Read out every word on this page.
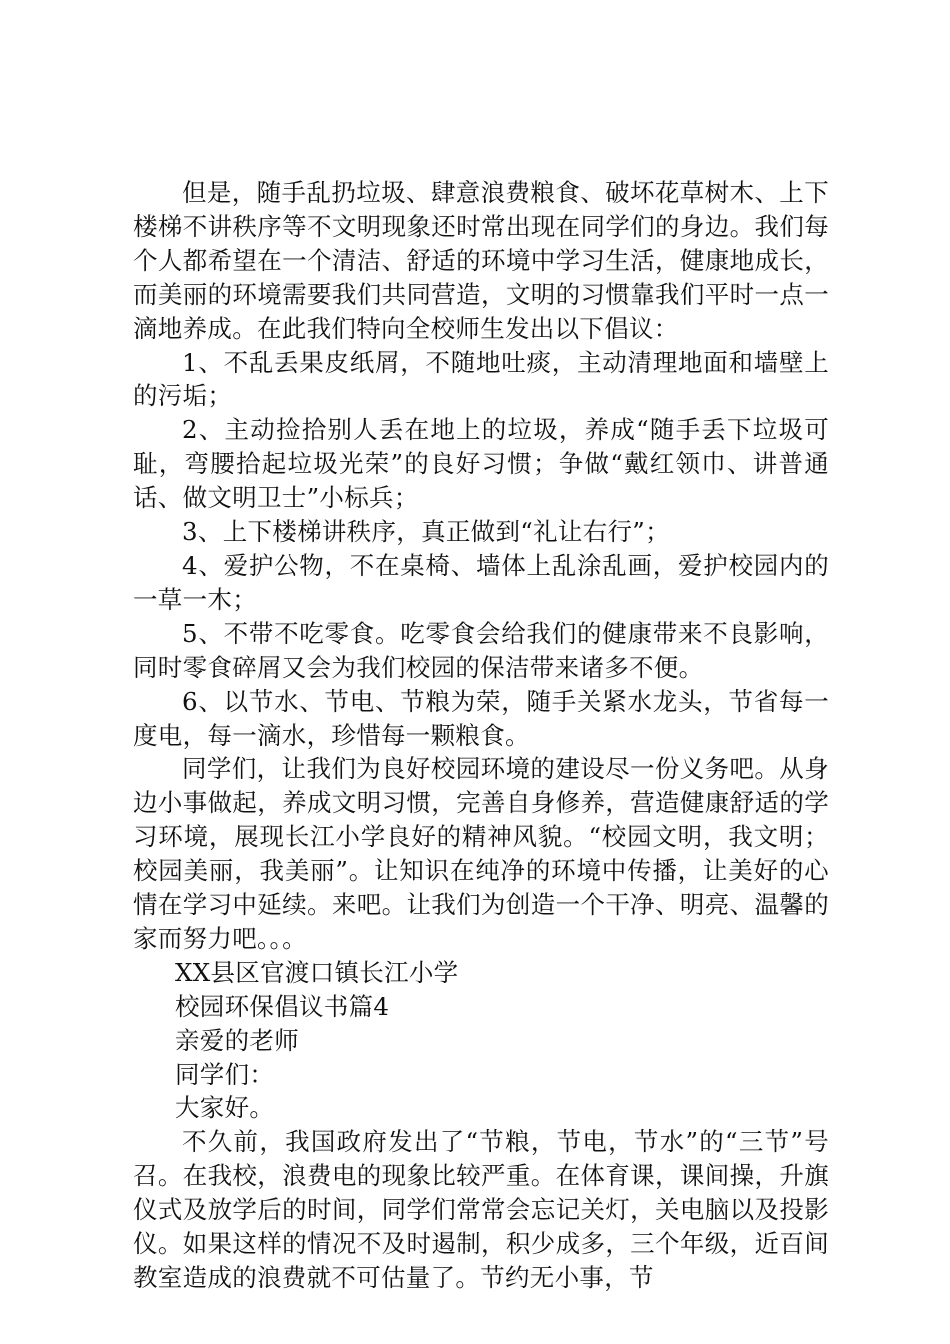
但是，随手乱扔垃圾、肆意浪费粮食、破坏花草树木、上下楼梯不讲秩序等不文明现象还时常出现在同学们的身边。我们每个人都希望在一个清洁、舒适的环境中学习生活，健康地成长，而美丽的环境需要我们共同营造，文明的习惯靠我们平时一点一滴地养成。在此我们特向全校师生发出以下倡议：

1、不乱丢果皮纸屑，不随地吐痰，主动清理地面和墙壁上的污垢；

2、主动捡拾别人丢在地上的垃圾，养成“随手丢下垃圾可耻，弯腰拾起垃圾光荣”的良好习惯；争做“戴红领巾、讲普通话、做文明卫士”小标兵；

3、上下楼梯讲秩序，真正做到“礼让右行”；

4、爱护公物，不在桌椅、墙体上乱涂乱画，爱护校园内的一草一木；

5、不带不吃零食。吃零食会给我们的健康带来不良影响，同时零食碎屑又会为我们校园的保洁带来诸多不便。

6、以节水、节电、节粮为荣，随手关紧水龙头，节省每一度电，每一滴水，珍惜每一颗粮食。

同学们，让我们为良好校园环境的建设尽一份义务吧。从身边小事做起，养成文明习惯，完善自身修养，营造健康舒适的学习环境，展现长江小学良好的精神风貌。“校园文明，我文明；校园美丽，我美丽”。让知识在纯净的环境中传播，让美好的心情在学习中延续。来吧。让我们为创造一个干净、明亮、温馨的家而努力吧。。。

XX县区官渡口镇长江小学

校园环保倡议书篇4

亲爱的老师

同学们：

大家好。

不久前，我国政府发出了“节粮，节电，节水”的“三节”号召。在我校，浪费电的现象比较严重。在体育课，课间操，升旗仪式及放学后的时间，同学们常常会忘记关灯，关电脑以及投影仪。如果这样的情况不及时遏制，积少成多，三个年级，近百间教室造成的浪费就不可估量了。节约无小事，节
